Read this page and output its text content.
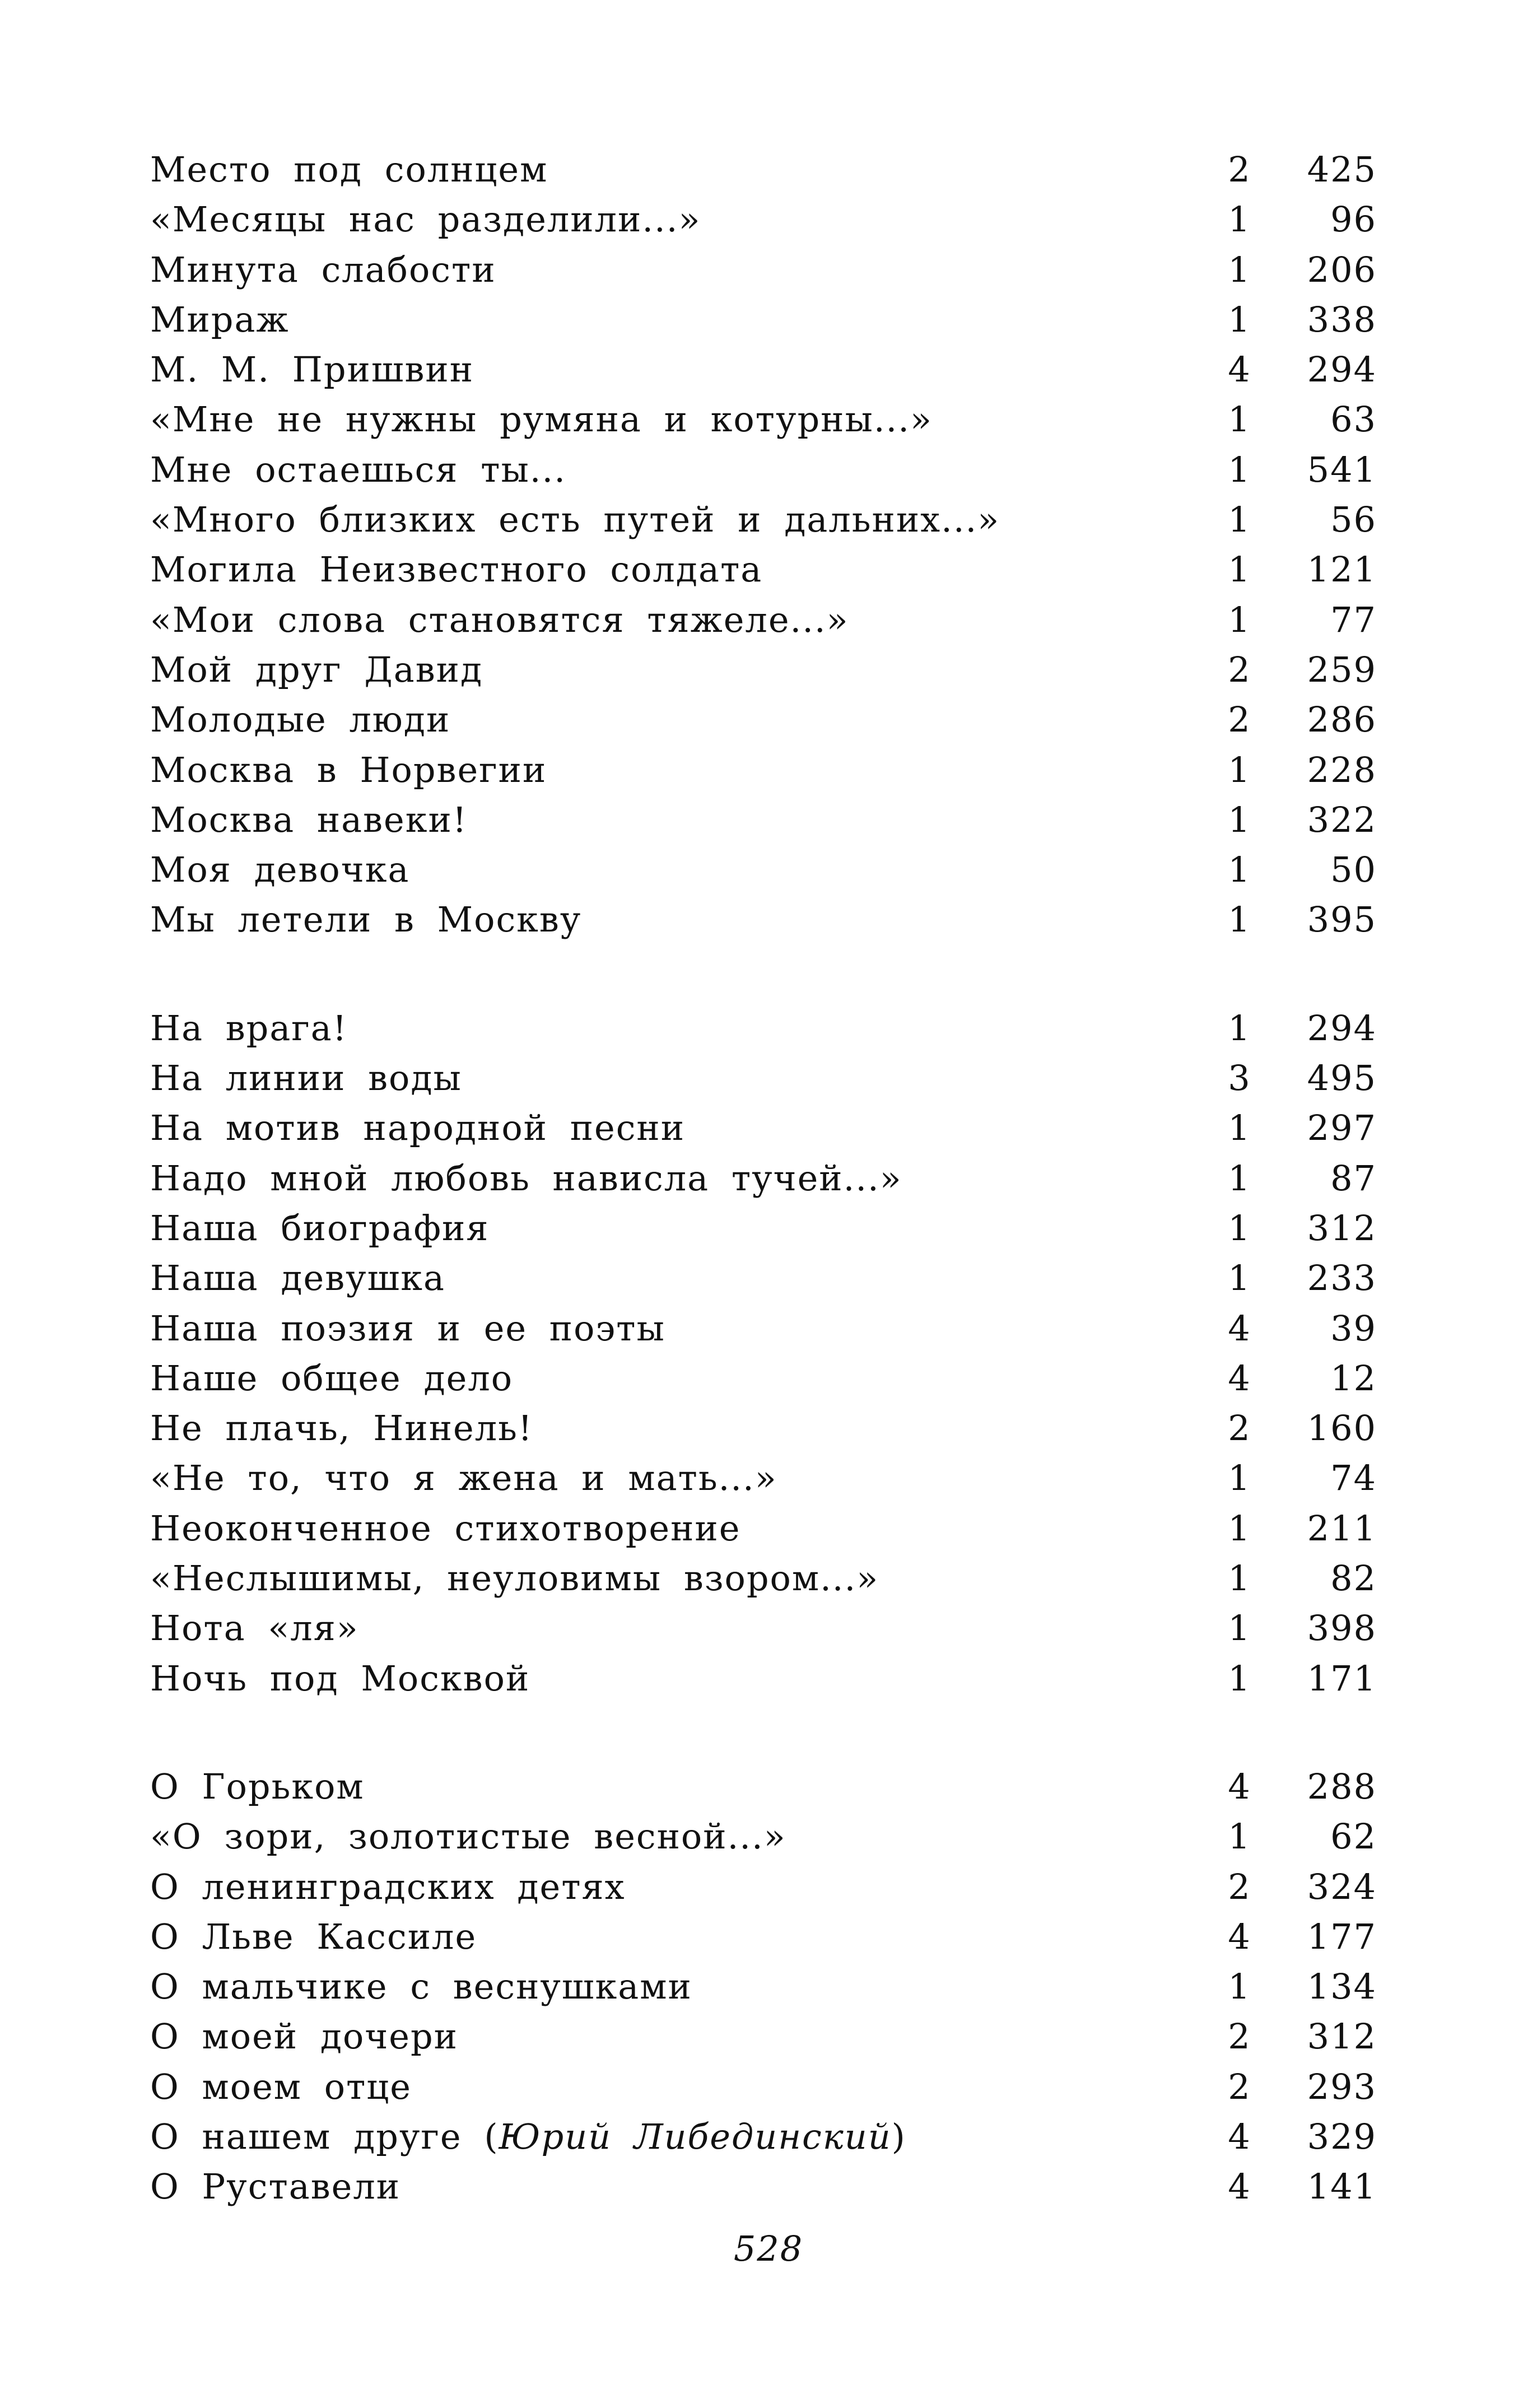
Место под солнцем	2	425
«Месяцы нас разделили...»	1	96
Минута слабости	1	206
Мираж	1	338
М. М. Пришвин	4	294
«Мне не нужны румяна и котурны...»	1	63
Мне остаешься ты...	1	541
«Много близких есть путей и дальних...»	1	56
Могила Неизвестного солдата	1	121
«Мои слова становятся тяжеле...»	1	77
Мой друг Давид	2	259
Молодые люди	2	286
Москва в Норвегии	1	228
Москва навеки!	1	322
Моя девочка	1	50
Мы летели в Москву	1	395
На врага!	1	294
На линии воды	3	495
На мотив народной песни	1	297
Надо мной любовь нависла тучей...»	1	87
Наша биография	1	312
Наша девушка	1	233
Наша поэзия и ее поэты	4	39
Наше общее дело	4	12
Не плачь, Нинель!	2	160
«Не то, что я жена и мать...»	1	74
Неоконченное стихотворение	1	211
«Неслышимы, неуловимы взором...»	1	82
Нота «ля»	1	398
Ночь под Москвой	1	171
О Горьком	4	288
«О зори, золотистые весной...»	1	62
О ленинградских детях	2	324
О Льве Кассиле	4	177
О мальчике с веснушками	1	134
О моей дочери	2	312
О моем отце	2	293
О нашем друге (Юрий Либединский)	4	329
О Руставели	4	141
528
